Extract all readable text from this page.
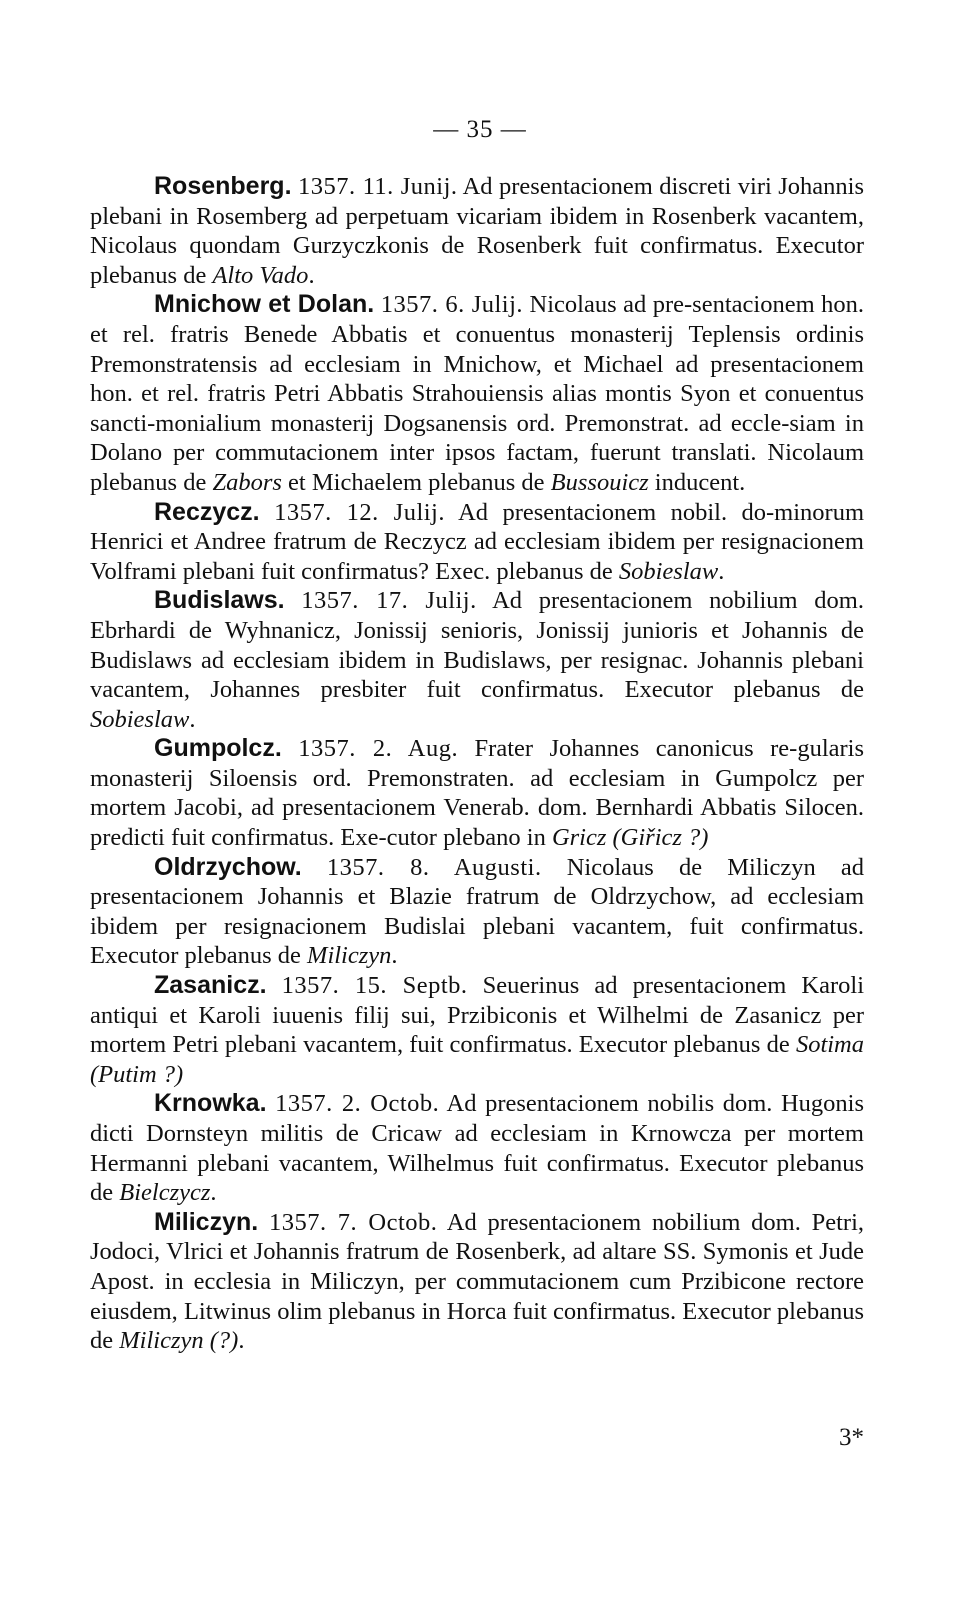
— 35 —

Rosenberg. 1357. 11. Junij. Ad presentacionem discreti viri Johannis plebani in Rosemberg ad perpetuam vicariam ibidem in Rosenberk vacantem, Nicolaus quondam Gurzyczkonis de Rosenberk fuit confirmatus. Executor plebanus de Alto Vado.

Mnichow et Dolan. 1357. 6. Julij. Nicolaus ad pre-sentacionem hon. et rel. fratris Benede Abbatis et conuentus monasterij Teplensis ordinis Premonstratensis ad ecclesiam in Mnichow, et Michael ad presentacionem hon. et rel. fratris Petri Abbatis Strahouiensis alias montis Syon et conuentus sancti-monialium monasterij Dogsanensis ord. Premonstrat. ad eccle-siam in Dolano per commutacionem inter ipsos factam, fuerunt translati. Nicolaum plebanus de Zabors et Michaelem plebanus de Bussouicz inducent.

Reczycz. 1357. 12. Julij. Ad presentacionem nobil. do-minorum Henrici et Andree fratrum de Reczycz ad ecclesiam ibidem per resignacionem Volframi plebani fuit confirmatus? Exec. plebanus de Sobieslaw.

Budislaws. 1357. 17. Julij. Ad presentacionem nobilium dom. Ebrhardi de Wyhnanicz, Jonissij senioris, Jonissij junioris et Johannis de Budislaws ad ecclesiam ibidem in Budislaws, per resignac. Johannis plebani vacantem, Johannes presbiter fuit confirmatus. Executor plebanus de Sobieslaw.

Gumpolcz. 1357. 2. Aug. Frater Johannes canonicus re-gularis monasterij Siloensis ord. Premonstraten. ad ecclesiam in Gumpolcz per mortem Jacobi, ad presentacionem Venerab. dom. Bernhardi Abbatis Silocen. predicti fuit confirmatus. Exe-cutor plebano in Gricz (Giřicz ?)

Oldrzychow. 1357. 8. Augusti. Nicolaus de Miliczyn ad presentacionem Johannis et Blazie fratrum de Oldrzychow, ad ecclesiam ibidem per resignacionem Budislai plebani vacantem, fuit confirmatus. Executor plebanus de Miliczyn.

Zasanicz. 1357. 15. Septb. Seuerinus ad presentacionem Karoli antiqui et Karoli iuuenis filij sui, Przibiconis et Wilhelmi de Zasanicz per mortem Petri plebani vacantem, fuit confirmatus. Executor plebanus de Sotima (Putim ?)

Krnowka. 1357. 2. Octob. Ad presentacionem nobilis dom. Hugonis dicti Dornsteyn militis de Cricaw ad ecclesiam in Krnowcza per mortem Hermanni plebani vacantem, Wilhelmus fuit confirmatus. Executor plebanus de Bielczycz.

Miliczyn. 1357. 7. Octob. Ad presentacionem nobilium dom. Petri, Jodoci, Vlrici et Johannis fratrum de Rosenberk, ad altare SS. Symonis et Jude Apost. in ecclesia in Miliczyn, per commutacionem cum Przibicone rectore eiusdem, Litwinus olim plebanus in Horca fuit confirmatus. Executor plebanus de Miliczyn (?).

3*
